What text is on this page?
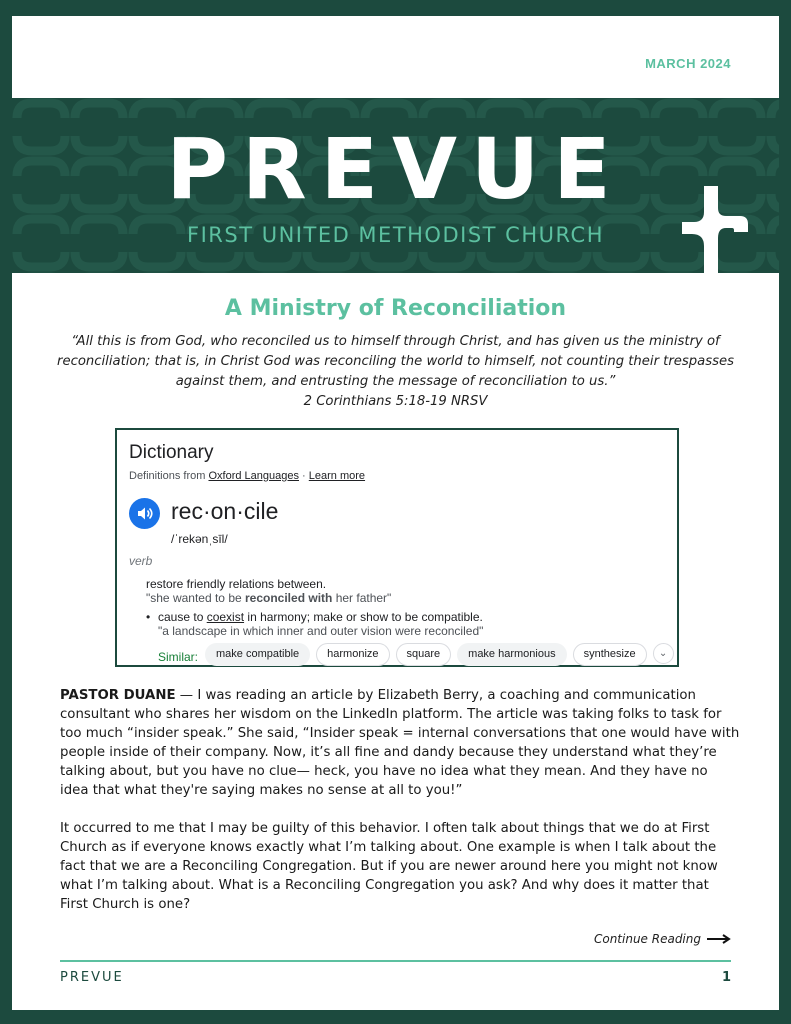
MARCH 2024
PREVUE
FIRST UNITED METHODIST CHURCH
A Ministry of Reconciliation
“All this is from God, who reconciled us to himself through Christ, and has given us the ministry of reconciliation; that is, in Christ God was reconciling the world to himself, not counting their trespasses against them, and entrusting the message of reconciliation to us.”
2 Corinthians 5:18-19 NRSV
Dictionary
Definitions from Oxford Languages · Learn more
rec·on·cile
/ˈrekənˌsīl/
verb
restore friendly relations between.
"she wanted to be reconciled with her father"
• cause to coexist in harmony; make or show to be compatible.
"a landscape in which inner and outer vision were reconciled"
Similar:	make compatible	harmonize	square	make harmonious	synthesize	⌄
PASTOR DUANE — I was reading an article by Elizabeth Berry, a coaching and communication consultant who shares her wisdom on the LinkedIn platform. The article was taking folks to task for too much “insider speak.” She said, “Insider speak = internal conversations that one would have with people inside of their company. Now, it’s all fine and dandy because they understand what they’re talking about, but you have no clue— heck, you have no idea what they mean. And they have no idea that what they're saying makes no sense at all to you!”
It occurred to me that I may be guilty of this behavior. I often talk about things that we do at First Church as if everyone knows exactly what I’m talking about. One example is when I talk about the fact that we are a Reconciling Congregation. But if you are newer around here you might not know what I’m talking about. What is a Reconciling Congregation you ask? And why does it matter that First Church is one?
Continue Reading
PREVUE	1
